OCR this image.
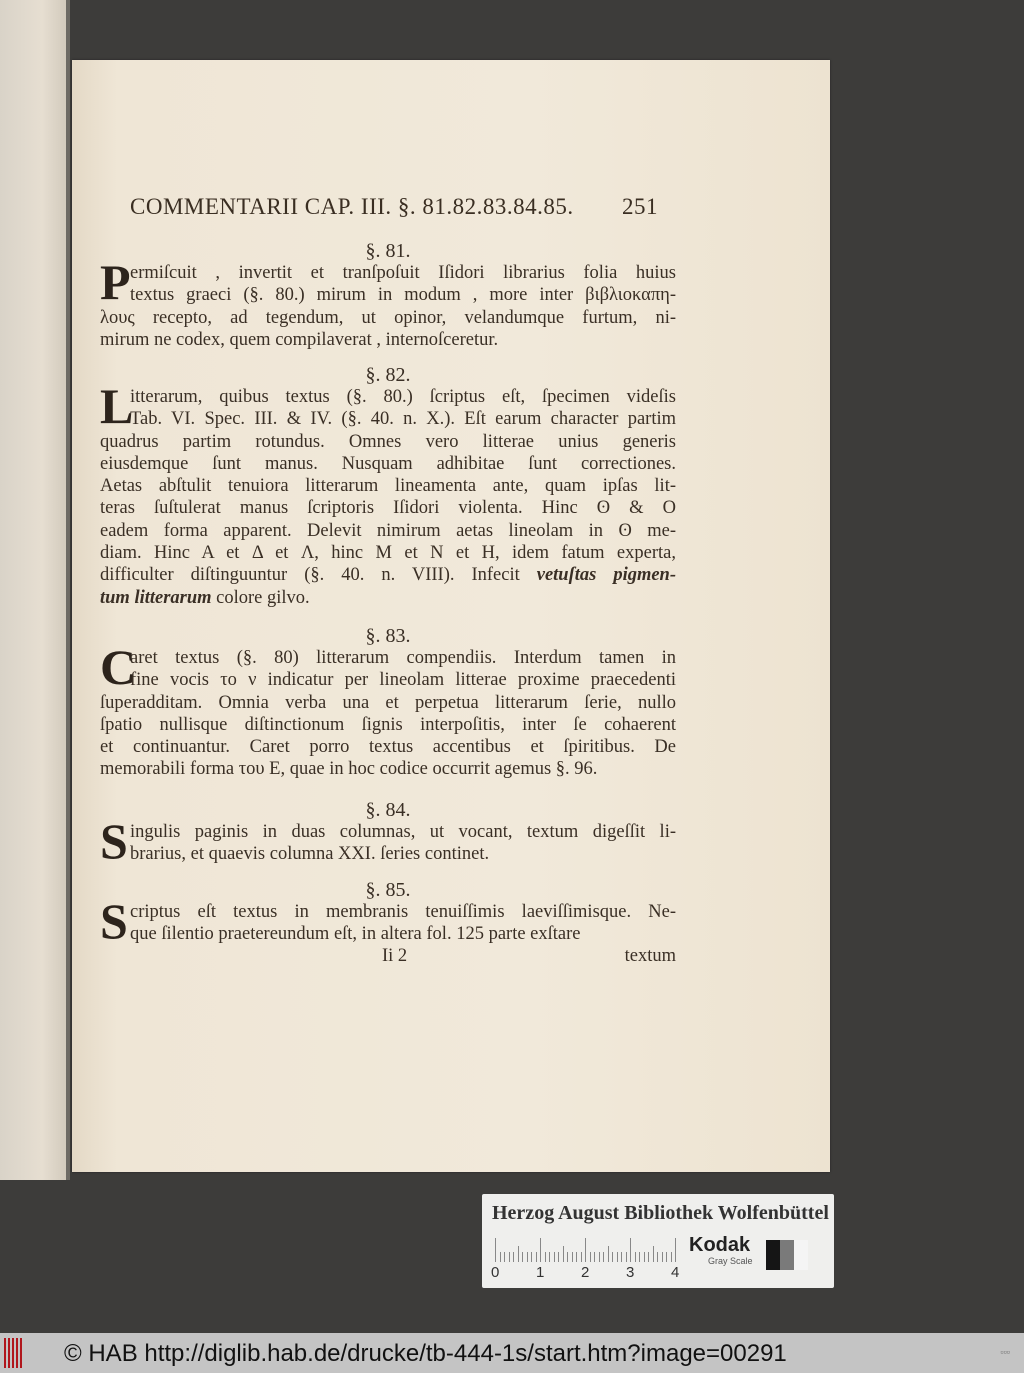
COMMENTARII CAP. III. §. 81.82.83.84.85. 251
§. 81.
P ermiſcuit , invertit et tranſpoſuit Iſidori librarius folia huius
textus graeci (§. 80.) mirum in modum , more inter βιβλιοκαπη-
λους recepto, ad tegendum, ut opinor, velandumque furtum, ni-
mirum ne codex, quem compilaverat , internoſceretur.
§. 82.
L
itterarum, quibus textus (§. 80.) ſcriptus eſt, ſpecimen videſis
Tab. VI. Spec. III. & IV. (§. 40. n. X.). Eſt earum character partim
quadrus partim rotundus. Omnes vero litterae unius generis
eiusdemque ſunt manus. Nusquam adhibitae ſunt correctiones.
Aetas abſtulit tenuiora litterarum lineamenta ante, quam ipſas lit-
teras ſuſtulerat manus ſcriptoris Iſidori violenta. Hinc ʘ & O
eadem forma apparent. Delevit nimirum aetas lineolam in ʘ me-
diam. Hinc A et Δ et Λ, hinc M et N et H, idem fatum experta,
difficulter diſtinguuntur (§. 40. n. VIII). Infecit vetuſtas pigmen-
tum litterarum colore gilvo.
§. 83.
C
aret textus (§. 80) litterarum compendiis. Interdum tamen in
fine vocis το ν indicatur per lineolam litterae proxime praecedenti
ſuperadditam. Omnia verba una et perpetua litterarum ſerie, nullo
ſpatio nullisque diſtinctionum ſignis interpoſitis, inter ſe cohaerent
et continuantur. Caret porro textus accentibus et ſpiritibus. De
memorabili forma του E, quae in hoc codice occurrit agemus §. 96.
§. 84.
S ingulis paginis in duas columnas, ut vocant, textum digeſſit li-
brarius, et quaevis columna XXI. ſeries continet.
§. 85.
S criptus eſt textus in membranis tenuiſſimis laeviſſimisque. Ne-
que ſilentio praetereundum eſt, in altera fol. 125 parte exſtare
Ii 2	textum
Herzog August Bibliothek Wolfenbüttel
0 1 2 3 4
Kodak
Gray Scale
© HAB http://diglib.hab.de/drucke/tb-444-1s/start.htm?image=00291	▫▫▫
